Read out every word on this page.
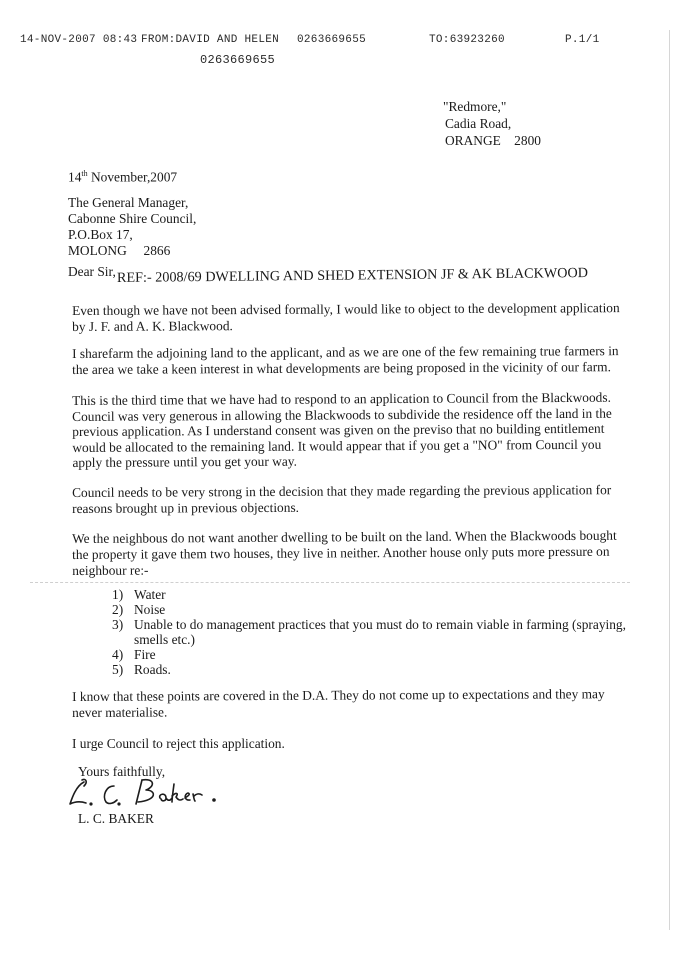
14-NOV-2007 08:43 FROM:DAVID AND HELEN 0263669655	TO:63923260	P.1/1
0263669655
"Redmore,"
Cadia Road,
ORANGE    2800
14th November,2007
The General Manager,
Cabonne Shire Council,
P.O.Box 17,
MOLONG     2866
Dear Sir, REF:- 2008/69 DWELLING AND SHED EXTENSION JF & AK BLACKWOOD
Even though we have not been advised formally, I would like to object to the development application
by J. F. and A. K. Blackwood.
I sharefarm the adjoining land to the applicant, and as we are one of the few remaining true farmers in
the area we take a keen interest in what developments are being proposed in the vicinity of our farm.
This is the third time that we have had to respond to an application to Council from the Blackwoods.
Council was very generous in allowing the Blackwoods to subdivide the residence off the land in the
previous application. As I understand consent was given on the previso that no building entitlement
would be allocated to the remaining land. It would appear that if you get a "NO" from Council you
apply the pressure until you get your way.
Council needs to be very strong in the decision that they made regarding the previous application for
reasons brought up in previous objections.
We the neighbous do not want another dwelling to be built on the land. When the Blackwoods bought
the property it gave them two houses, they live in neither. Another house only puts more pressure on
neighbour re:-
1) Water
2) Noise
3) Unable to do management practices that you must do to remain viable in farming (spraying,
smells etc.)
4) Fire
5) Roads.
I know that these points are covered in the D.A. They do not come up to expectations and they may
never materialise.
I urge Council to reject this application.
Yours faithfully,
L. C. BAKER
